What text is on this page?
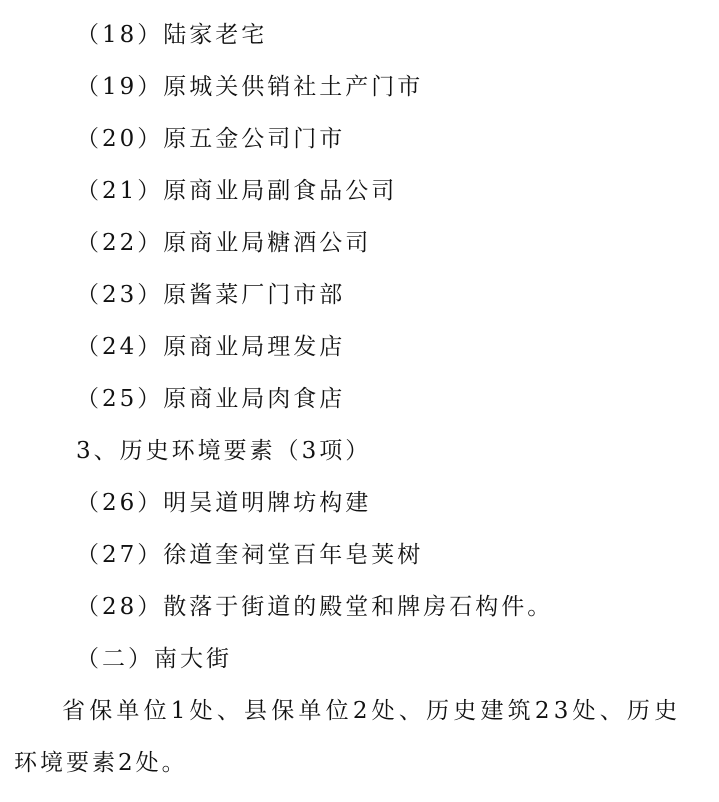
（18）陆家老宅
（19）原城关供销社土产门市
（20）原五金公司门市
（21）原商业局副食品公司
（22）原商业局糖酒公司
（23）原酱菜厂门市部
（24）原商业局理发店
（25）原商业局肉食店
3、历史环境要素（3项）
（26）明吴道明牌坊构建
（27）徐道奎祠堂百年皂荚树
（28）散落于街道的殿堂和牌房石构件。
（二）南大街
省保单位1处、县保单位2处、历史建筑23处、历史
环境要素2处。
